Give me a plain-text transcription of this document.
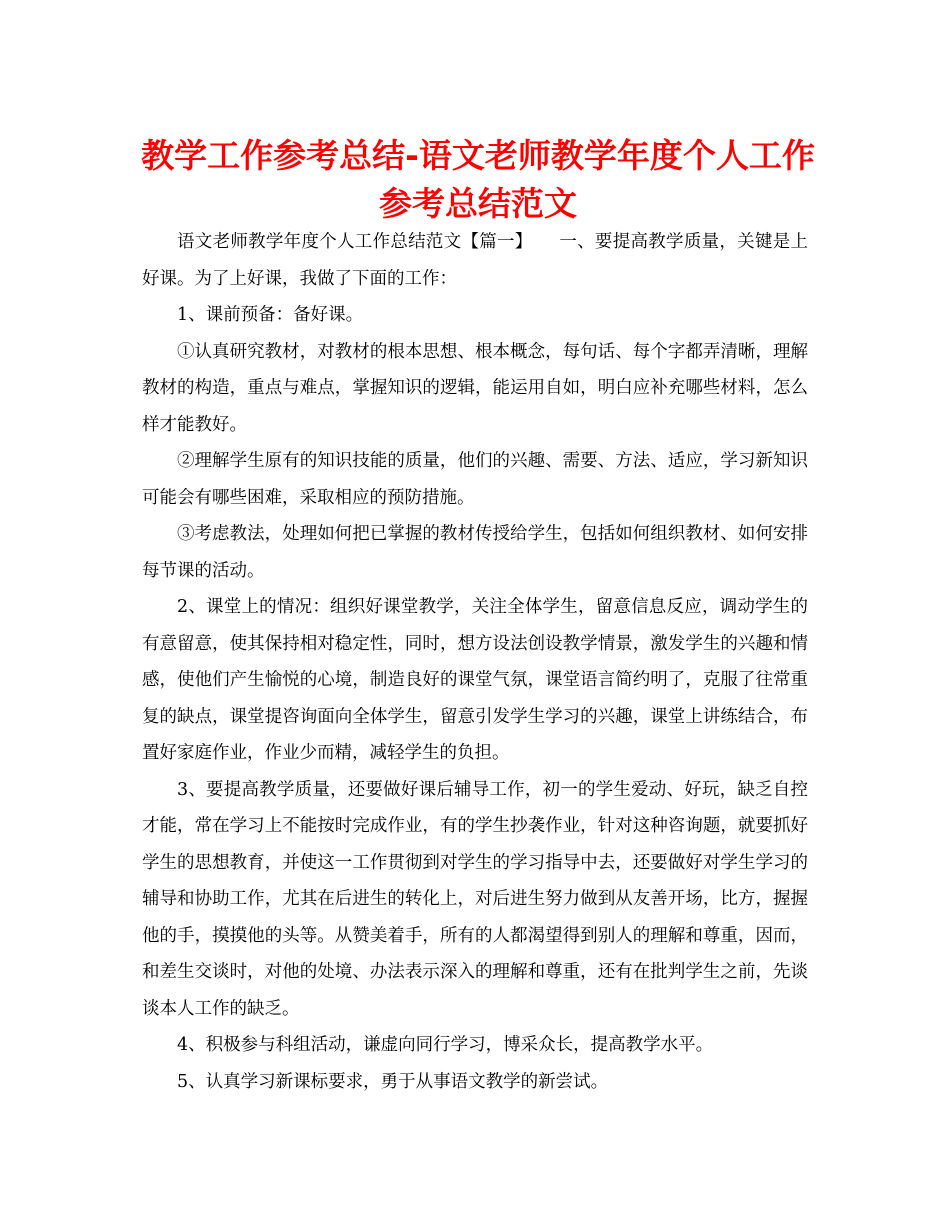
教学工作参考总结-语文老师教学年度个人工作参考总结范文

语文老师教学年度个人工作总结范文【篇一】　　一、要提高教学质量，关键是上好课。为了上好课，我做了下面的工作：

1、课前预备：备好课。

①认真研究教材，对教材的根本思想、根本概念，每句话、每个字都弄清晰，理解教材的构造，重点与难点，掌握知识的逻辑，能运用自如，明白应补充哪些材料，怎么样才能教好。

②理解学生原有的知识技能的质量，他们的兴趣、需要、方法、适应，学习新知识可能会有哪些困难，采取相应的预防措施。

③考虑教法，处理如何把已掌握的教材传授给学生，包括如何组织教材、如何安排每节课的活动。

2、课堂上的情况：组织好课堂教学，关注全体学生，留意信息反应，调动学生的有意留意，使其保持相对稳定性，同时，想方设法创设教学情景，激发学生的兴趣和情感，使他们产生愉悦的心境，制造良好的课堂气氛，课堂语言简约明了，克服了往常重复的缺点，课堂提咨询面向全体学生，留意引发学生学习的兴趣，课堂上讲练结合，布置好家庭作业，作业少而精，减轻学生的负担。

3、要提高教学质量，还要做好课后辅导工作，初一的学生爱动、好玩，缺乏自控才能，常在学习上不能按时完成作业，有的学生抄袭作业，针对这种咨询题，就要抓好学生的思想教育，并使这一工作贯彻到对学生的学习指导中去，还要做好对学生学习的辅导和协助工作，尤其在后进生的转化上，对后进生努力做到从友善开场，比方，握握他的手，摸摸他的头等。从赞美着手，所有的人都渴望得到别人的理解和尊重，因而，和差生交谈时，对他的处境、办法表示深入的理解和尊重，还有在批判学生之前，先谈谈本人工作的缺乏。

4、积极参与科组活动，谦虚向同行学习，博采众长，提高教学水平。

5、认真学习新课标要求，勇于从事语文教学的新尝试。
